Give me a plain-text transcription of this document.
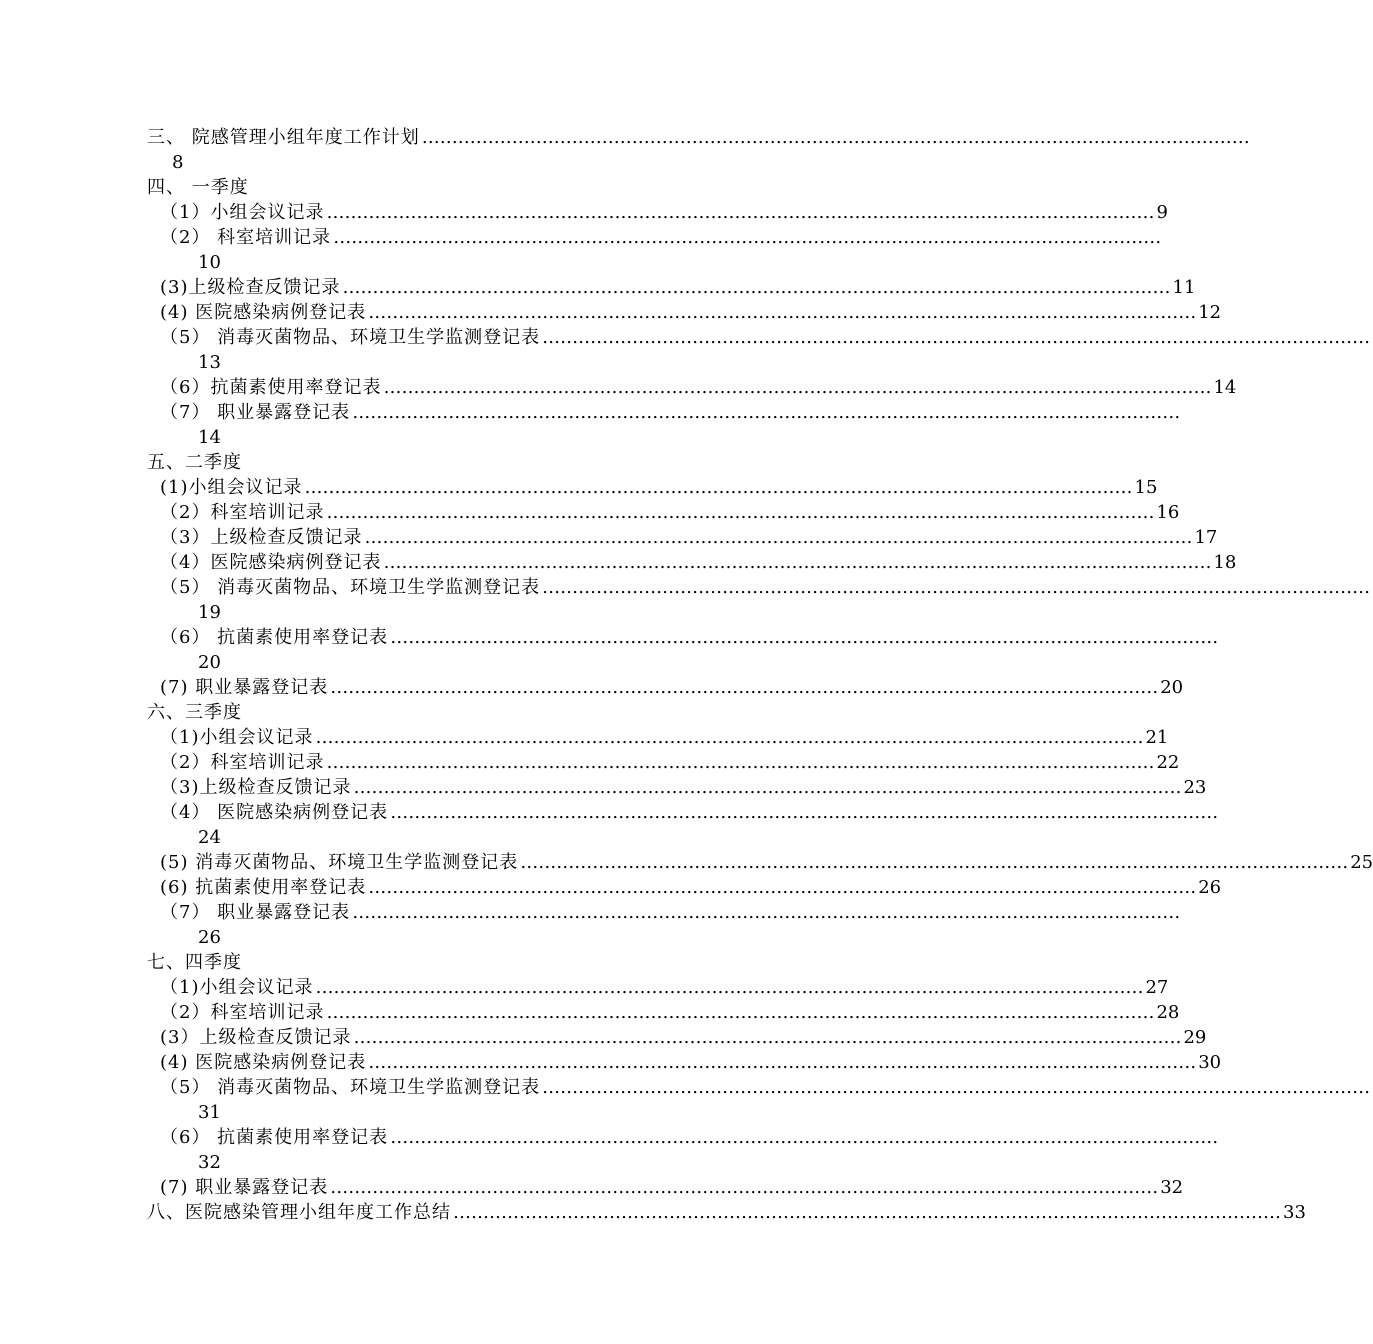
三、 院感管理小组年度工作计划 …………………………………………………………………………………………………………………………
8
四、 一季度
（1）小组会议记录 ………………………………………………………………………………………………………………………… 9
（2） 科室培训记录 …………………………………………………………………………………………………………………………
10
(3)上级检查反馈记录 ………………………………………………………………………………………………………………………… 11
(4) 医院感染病例登记表 ………………………………………………………………………………………………………………………… 12
（5） 消毒灭菌物品、环境卫生学监测登记表 …………………………………………………………………………………………………………………………
13
（6）抗菌素使用率登记表 ………………………………………………………………………………………………………………………… 14
（7） 职业暴露登记表 …………………………………………………………………………………………………………………………
14
五、二季度
(1)小组会议记录 ………………………………………………………………………………………………………………………… 15
（2）科室培训记录 ………………………………………………………………………………………………………………………… 16
（3）上级检查反馈记录 ………………………………………………………………………………………………………………………… 17
（4）医院感染病例登记表 ………………………………………………………………………………………………………………………… 18
（5） 消毒灭菌物品、环境卫生学监测登记表 …………………………………………………………………………………………………………………………
19
（6） 抗菌素使用率登记表 …………………………………………………………………………………………………………………………
20
(7) 职业暴露登记表 ………………………………………………………………………………………………………………………… 20
六、三季度
（1)小组会议记录 ………………………………………………………………………………………………………………………… 21
（2）科室培训记录 ………………………………………………………………………………………………………………………… 22
（3)上级检查反馈记录 ………………………………………………………………………………………………………………………… 23
（4） 医院感染病例登记表 …………………………………………………………………………………………………………………………
24
(5) 消毒灭菌物品、环境卫生学监测登记表 ………………………………………………………………………………………………………………………… 25
(6) 抗菌素使用率登记表 ………………………………………………………………………………………………………………………… 26
（7） 职业暴露登记表 …………………………………………………………………………………………………………………………
26
七、四季度
（1)小组会议记录 ………………………………………………………………………………………………………………………… 27
（2）科室培训记录 ………………………………………………………………………………………………………………………… 28
(3）上级检查反馈记录 ………………………………………………………………………………………………………………………… 29
(4) 医院感染病例登记表 ………………………………………………………………………………………………………………………… 30
（5） 消毒灭菌物品、环境卫生学监测登记表 …………………………………………………………………………………………………………………………
31
（6） 抗菌素使用率登记表 …………………………………………………………………………………………………………………………
32
(7) 职业暴露登记表 ………………………………………………………………………………………………………………………… 32
八、医院感染管理小组年度工作总结 ………………………………………………………………………………………………………………………… 33
